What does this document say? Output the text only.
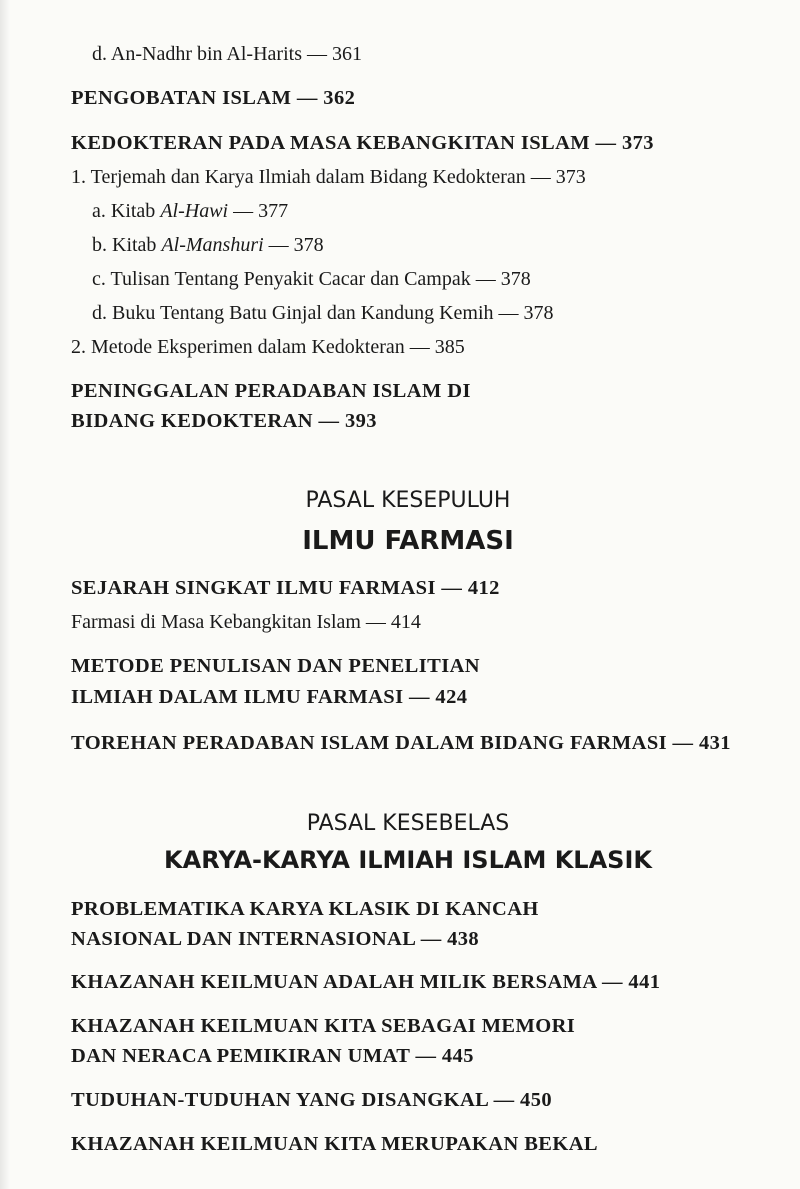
d. An-Nadhr bin Al-Harits — 361
PENGOBATAN ISLAM — 362
KEDOKTERAN PADA MASA KEBANGKITAN ISLAM — 373
1. Terjemah dan Karya Ilmiah dalam Bidang Kedokteran — 373
a. Kitab Al-Hawi — 377
b. Kitab Al-Manshuri — 378
c. Tulisan Tentang Penyakit Cacar dan Campak — 378
d. Buku Tentang Batu Ginjal dan Kandung Kemih — 378
2. Metode Eksperimen dalam Kedokteran — 385
PENINGGALAN PERADABAN ISLAM DI
BIDANG KEDOKTERAN — 393
PASAL KESEPULUH
ILMU FARMASI
SEJARAH SINGKAT ILMU FARMASI — 412
Farmasi di Masa Kebangkitan Islam — 414
METODE PENULISAN DAN PENELITIAN
ILMIAH DALAM ILMU FARMASI — 424
TOREHAN PERADABAN ISLAM DALAM BIDANG FARMASI — 431
PASAL KESEBELAS
KARYA-KARYA ILMIAH ISLAM KLASIK
PROBLEMATIKA KARYA KLASIK DI KANCAH
NASIONAL DAN INTERNASIONAL — 438
KHAZANAH KEILMUAN ADALAH MILIK BERSAMA — 441
KHAZANAH KEILMUAN KITA SEBAGAI MEMORI
DAN NERACA PEMIKIRAN UMAT — 445
TUDUHAN-TUDUHAN YANG DISANGKAL — 450
KHAZANAH KEILMUAN KITA MERUPAKAN BEKAL
